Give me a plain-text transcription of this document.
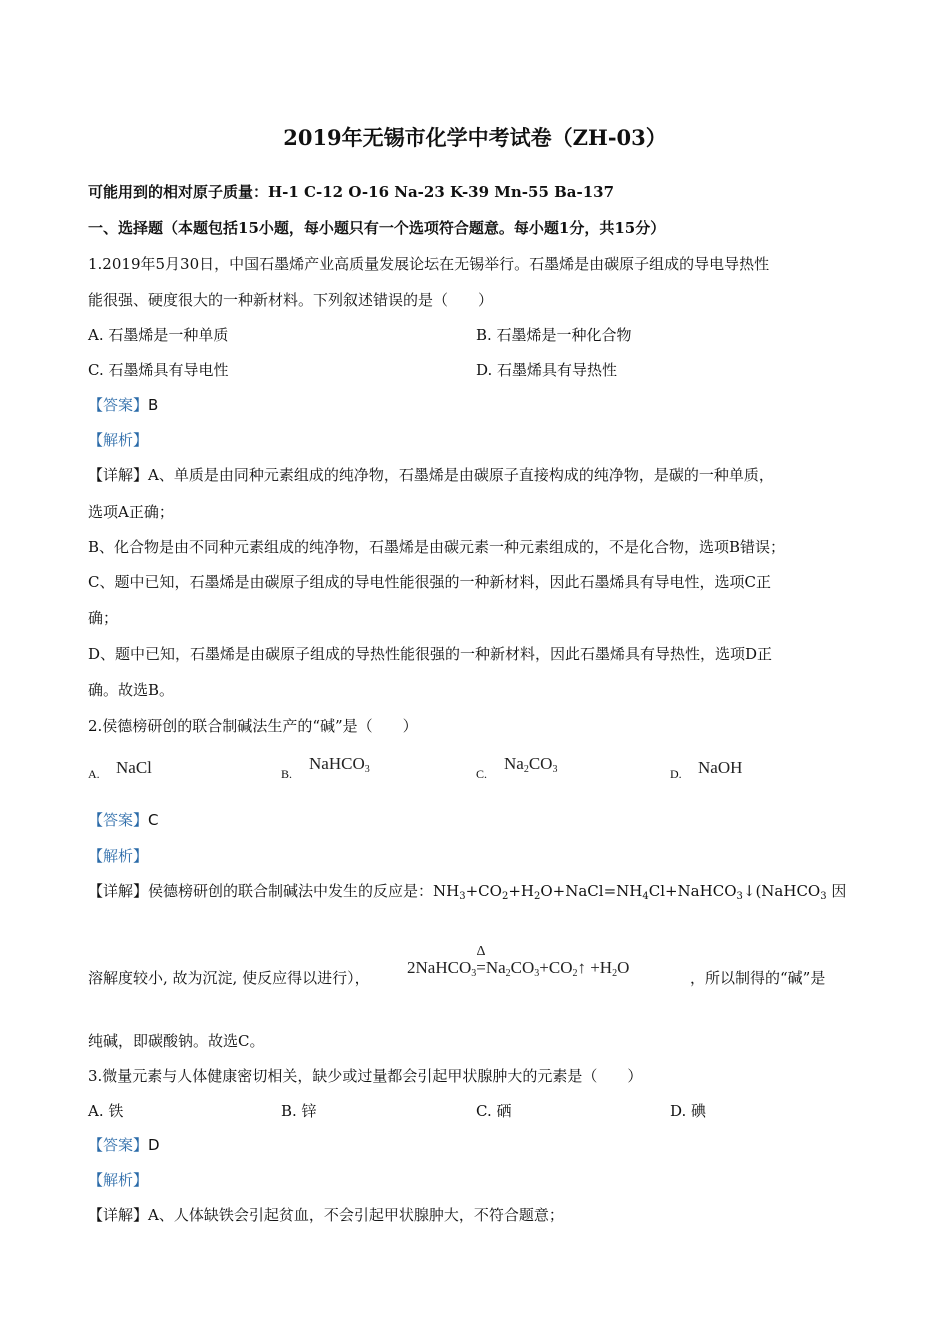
2019年无锡市化学中考试卷（ZH-03）
可能用到的相对原子质量：H-1 C-12 O-16 Na-23 K-39 Mn-55 Ba-137
一、选择题（本题包括15小题，每小题只有一个选项符合题意。每小题1分，共15分）
1.2019年5月30日，中国石墨烯产业高质量发展论坛在无锡举行。石墨烯是由碳原子组成的导电导热性
能很强、硬度很大的一种新材料。下列叙述错误的是（　　）
A. 石墨烯是一种单质	B. 石墨烯是一种化合物
C. 石墨烯具有导电性	D. 石墨烯具有导热性
【答案】B
【解析】
【详解】A、单质是由同种元素组成的纯净物，石墨烯是由碳原子直接构成的纯净物，是碳的一种单质，
选项A正确；
B、化合物是由不同种元素组成的纯净物，石墨烯是由碳元素一种元素组成的，不是化合物，选项B错误；
C、题中已知，石墨烯是由碳原子组成的导电性能很强的一种新材料，因此石墨烯具有导电性，选项C正
确；
D、题中已知，石墨烯是由碳原子组成的导热性能很强的一种新材料，因此石墨烯具有导热性，选项D正
确。故选B。
2.侯德榜研创的联合制碱法生产的“碱”是（　　）
A. NaCl	B.
NaHCO$_3$	C.
$Na_2CO_3$	D. NaOH
【答案】C
【解析】
【详解】侯德榜研创的联合制碱法中发生的反应是：$NH_3+CO_2+H_2O+NaCl=NH_4Cl+NaHCO_3↓(NaHCO_3$ 因
溶解度较小, 故为沉淀, 使反应得以进行），
2NaHCO$_3$
Δ
$=Na_2CO_3+CO_2↑ +H_2O$
，所以制得的“碱”是
纯碱，即碳酸钠。故选C。
3.微量元素与人体健康密切相关，缺少或过量都会引起甲状腺肿大的元素是（　　）
A. 铁	B. 锌	C. 硒	D. 碘
【答案】D
【解析】
【详解】A、人体缺铁会引起贫血，不会引起甲状腺肿大，不符合题意；
